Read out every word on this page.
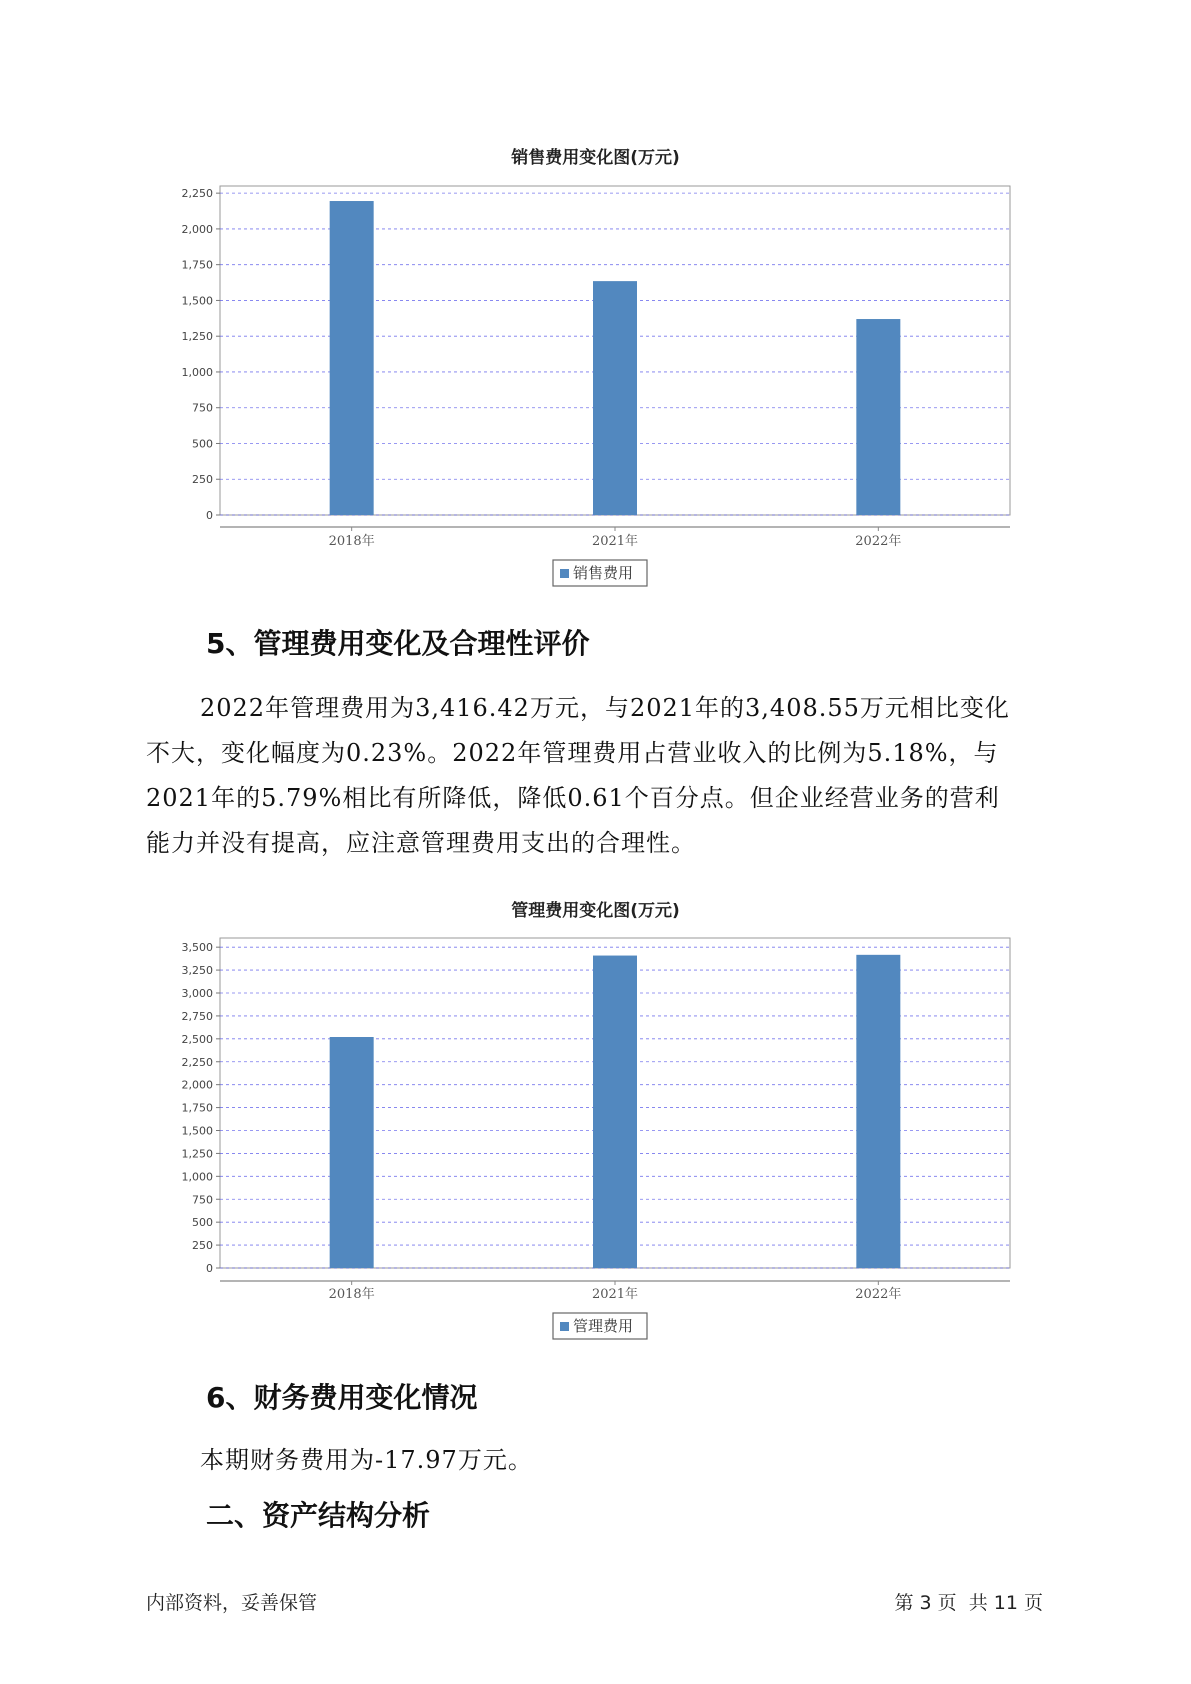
销售费用变化图(万元)
0
250
500
750
1,000
1,250
1,500
1,750
2,000
2,250
2018年	2021年	2022年
销售费用
5、管理费用变化及合理性评价
2022年管理费用为3,416.42万元，与2021年的3,408.55万元相比变化
不大，变化幅度为0.23%。2022年管理费用占营业收入的比例为5.18%，与
2021年的5.79%相比有所降低，降低0.61个百分点。但企业经营业务的营利
能力并没有提高，应注意管理费用支出的合理性。
管理费用变化图(万元)
0
250
500
750
1,000
1,250
1,500
1,750
2,000
2,250
2,500
2,750
3,000
3,250
3,500
2018年	2021年	2022年
管理费用
6、财务费用变化情况
本期财务费用为-17.97万元。
二、资产结构分析
内部资料，妥善保管	第 3 页  共 11 页
